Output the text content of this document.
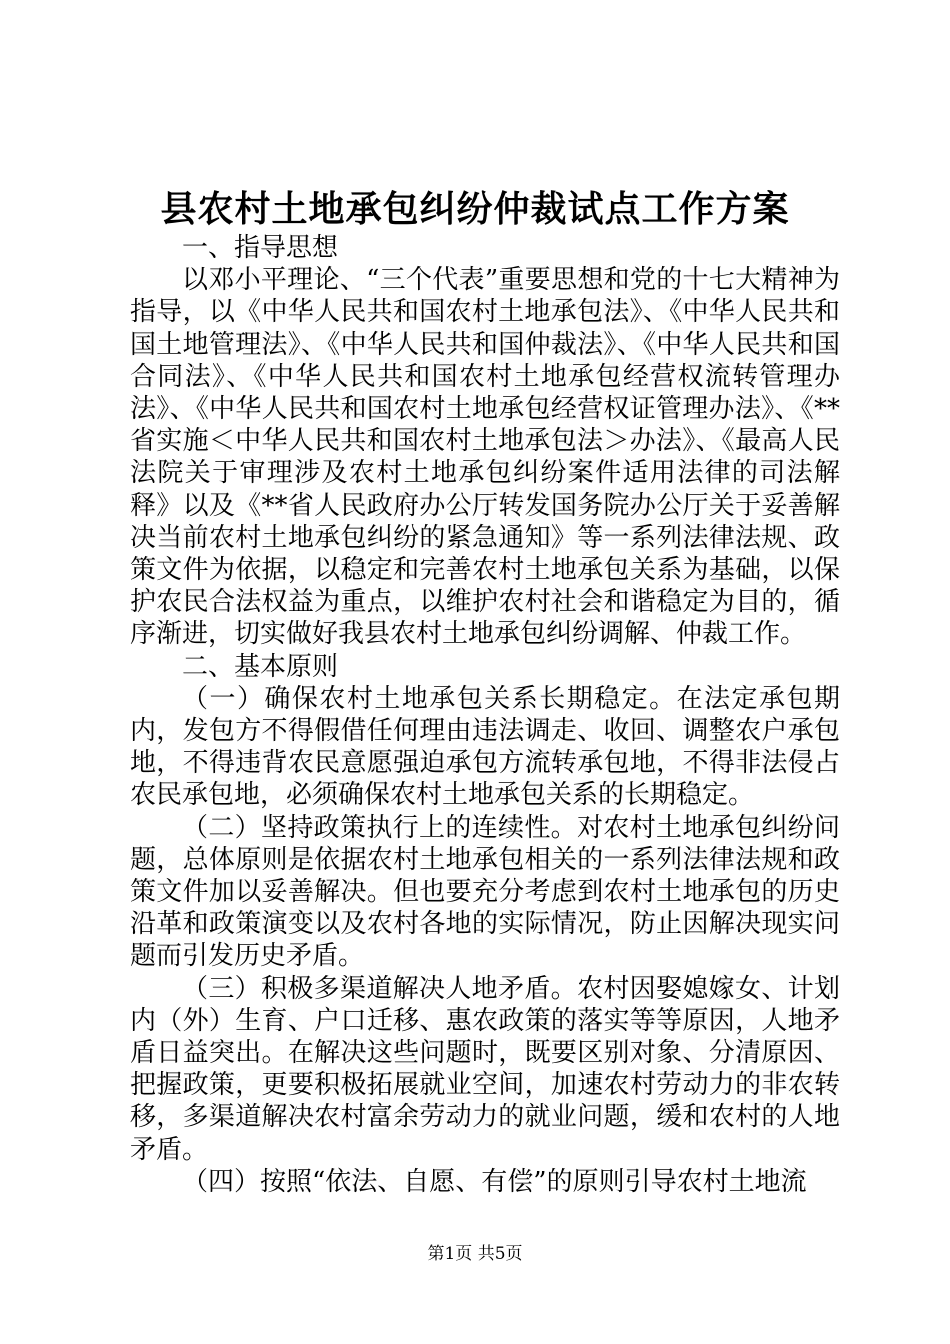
县农村土地承包纠纷仲裁试点工作方案

一、指导思想

以邓小平理论、“三个代表”重要思想和党的十七大精神为指导，以《中华人民共和国农村土地承包法》、《中华人民共和国土地管理法》、《中华人民共和国仲裁法》、《中华人民共和国合同法》、《中华人民共和国农村土地承包经营权流转管理办法》、《中华人民共和国农村土地承包经营权证管理办法》、《**省实施＜中华人民共和国农村土地承包法＞办法》、《最高人民法院关于审理涉及农村土地承包纠纷案件适用法律的司法解释》以及《**省人民政府办公厅转发国务院办公厅关于妥善解决当前农村土地承包纠纷的紧急通知》等一系列法律法规、政策文件为依据，以稳定和完善农村土地承包关系为基础，以保护农民合法权益为重点，以维护农村社会和谐稳定为目的，循序渐进，切实做好我县农村土地承包纠纷调解、仲裁工作。

二、基本原则

（一）确保农村土地承包关系长期稳定。在法定承包期内，发包方不得假借任何理由违法调走、收回、调整农户承包地，不得违背农民意愿强迫承包方流转承包地，不得非法侵占农民承包地，必须确保农村土地承包关系的长期稳定。

（二）坚持政策执行上的连续性。对农村土地承包纠纷问题，总体原则是依据农村土地承包相关的一系列法律法规和政策文件加以妥善解决。但也要充分考虑到农村土地承包的历史沿革和政策演变以及农村各地的实际情况，防止因解决现实问题而引发历史矛盾。

（三）积极多渠道解决人地矛盾。农村因娶媳嫁女、计划内（外）生育、户口迁移、惠农政策的落实等等原因，人地矛盾日益突出。在解决这些问题时，既要区别对象、分清原因、把握政策，更要积极拓展就业空间，加速农村劳动力的非农转移，多渠道解决农村富余劳动力的就业问题，缓和农村的人地矛盾。

（四）按照“依法、自愿、有偿”的原则引导农村土地流

第1页 共5页
